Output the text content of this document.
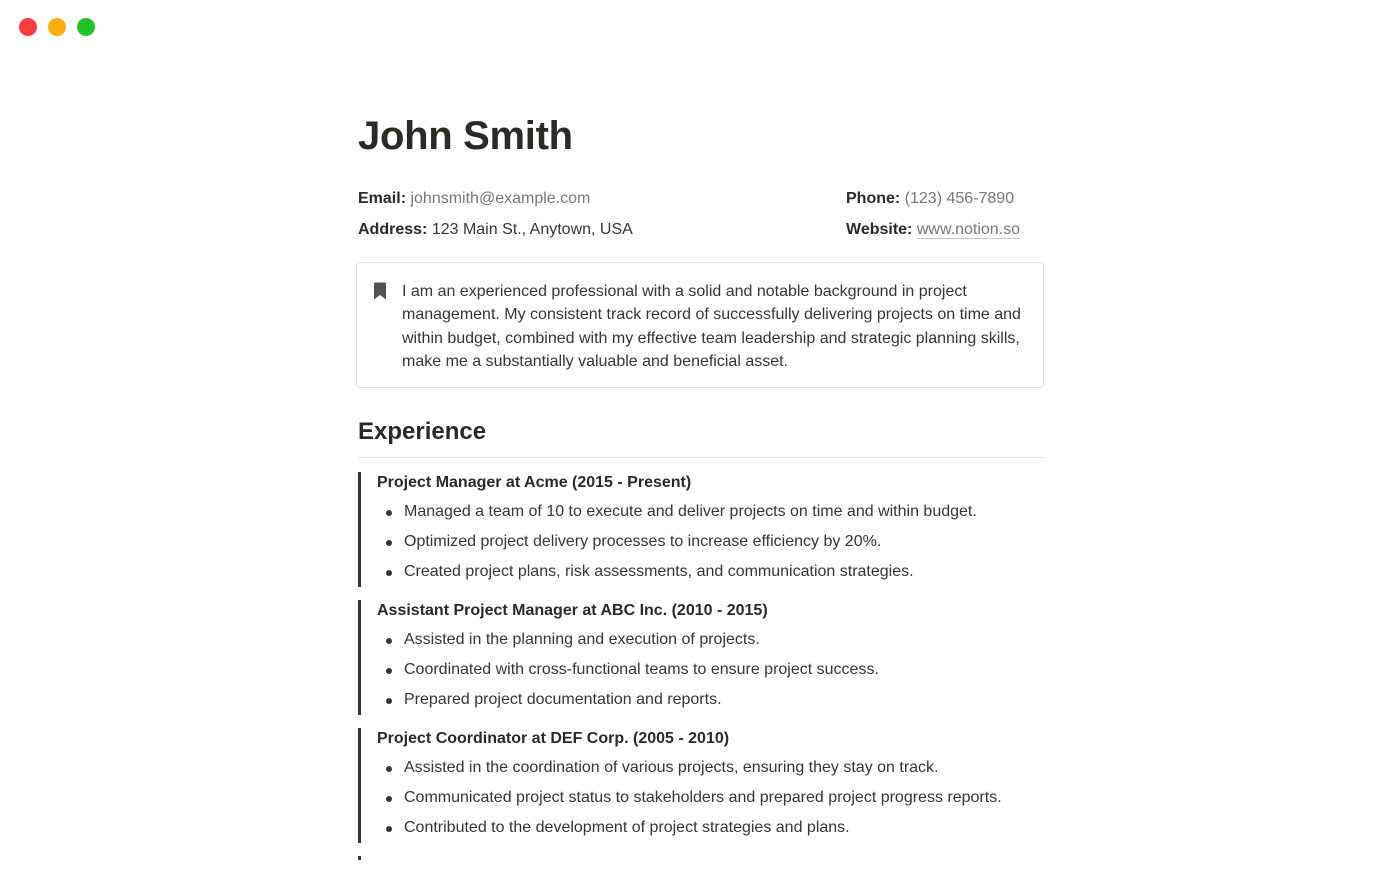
John Smith
Email: johnsmith@example.com
Address: 123 Main St., Anytown, USA
Phone: (123) 456-7890
Website: www.notion.so
I am an experienced professional with a solid and notable background in project management. My consistent track record of successfully delivering projects on time and within budget, combined with my effective team leadership and strategic planning skills, make me a substantially valuable and beneficial asset.
Experience
Project Manager at Acme (2015 - Present)
Managed a team of 10 to execute and deliver projects on time and within budget.
Optimized project delivery processes to increase efficiency by 20%.
Created project plans, risk assessments, and communication strategies.
Assistant Project Manager at ABC Inc. (2010 - 2015)
Assisted in the planning and execution of projects.
Coordinated with cross-functional teams to ensure project success.
Prepared project documentation and reports.
Project Coordinator at DEF Corp. (2005 - 2010)
Assisted in the coordination of various projects, ensuring they stay on track.
Communicated project status to stakeholders and prepared project progress reports.
Contributed to the development of project strategies and plans.
